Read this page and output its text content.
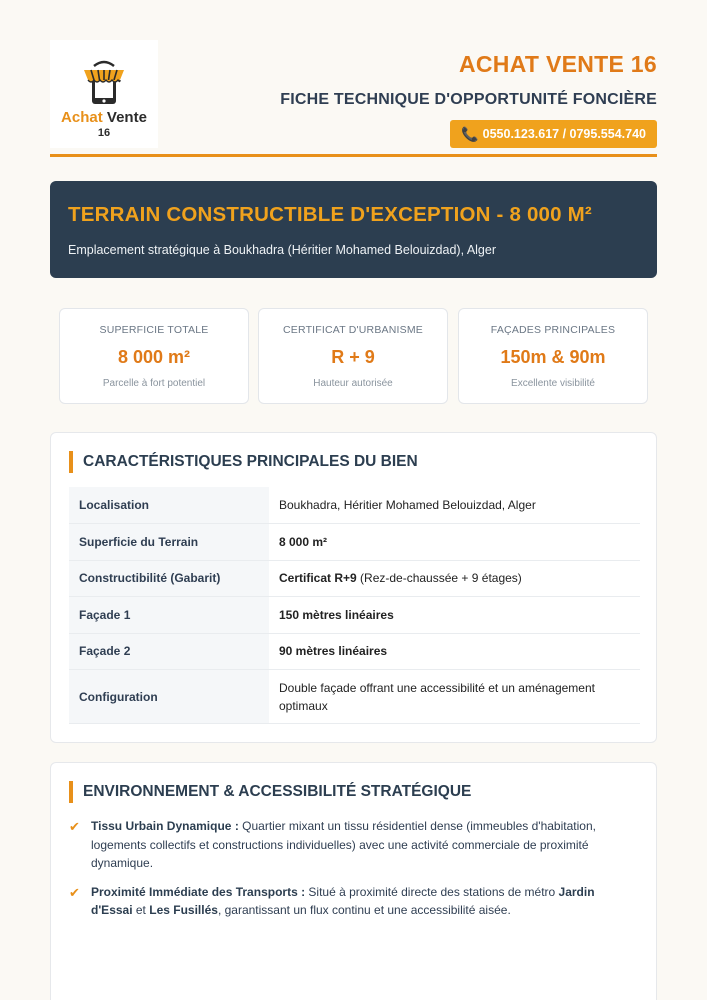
Achat Vente
16
ACHAT VENTE 16
FICHE TECHNIQUE D'OPPORTUNITÉ FONCIÈRE
📞 0550.123.617 / 0795.554.740
TERRAIN CONSTRUCTIBLE D'EXCEPTION - 8 000 M²
Emplacement stratégique à Boukhadra (Héritier Mohamed Belouizdad), Alger
SUPERFICIE TOTALE
8 000 m²
Parcelle à fort potentiel
CERTIFICAT D'URBANISME
R + 9
Hauteur autorisée
FAÇADES PRINCIPALES
150m & 90m
Excellente visibilité
CARACTÉRISTIQUES PRINCIPALES DU BIEN
Localisation	Boukhadra, Héritier Mohamed Belouizdad, Alger
Superficie du Terrain	8 000 m²
Constructibilité (Gabarit)	Certificat R+9 (Rez-de-chaussée + 9 étages)
Façade 1	150 mètres linéaires
Façade 2	90 mètres linéaires
Configuration	Double façade offrant une accessibilité et un aménagement optimaux
ENVIRONNEMENT & ACCESSIBILITÉ STRATÉGIQUE
✔ Tissu Urbain Dynamique : Quartier mixant un tissu résidentiel dense (immeubles d'habitation, logements collectifs et constructions individuelles) avec une activité commerciale de proximité dynamique.
✔ Proximité Immédiate des Transports : Situé à proximité directe des stations de métro Jardin d'Essai et Les Fusillés, garantissant un flux continu et une accessibilité aisée.
